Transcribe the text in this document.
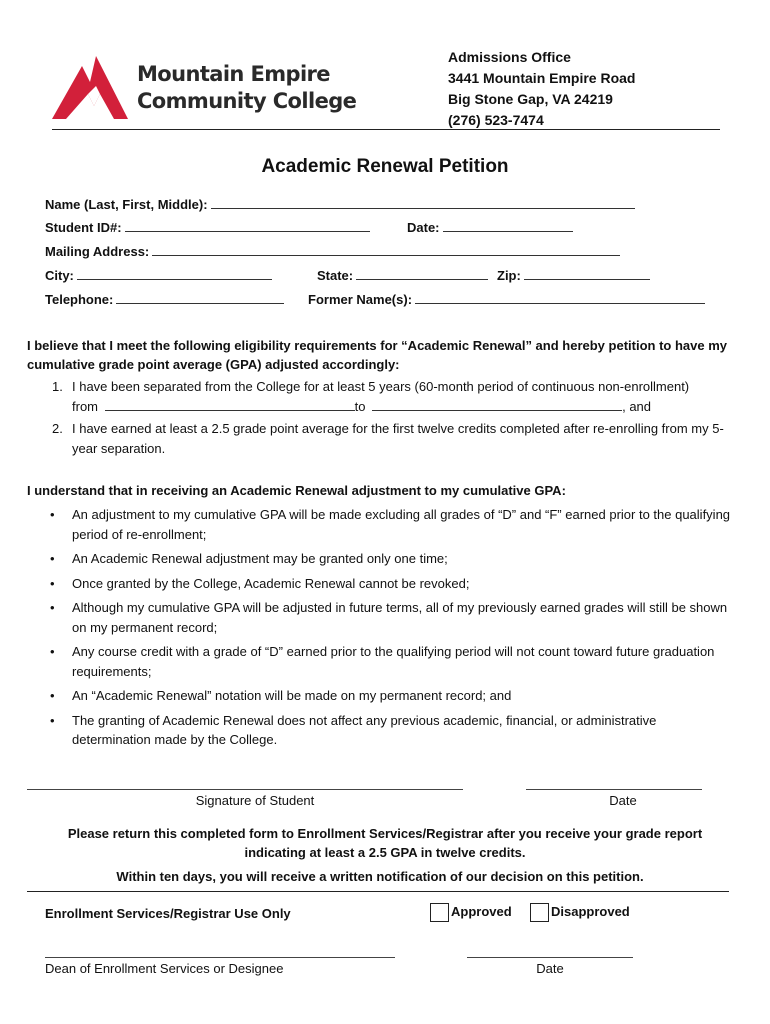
Mountain Empire
Community College
Admissions Office
3441 Mountain Empire Road
Big Stone Gap, VA 24219
(276) 523-7474
Academic Renewal Petition
Name (Last, First, Middle):
Student ID#:	Date:
Mailing Address:
City:	State:	Zip:
Telephone:	Former Name(s):
I believe that I meet the following eligibility requirements for “Academic Renewal” and hereby petition to have my cumulative grade point average (GPA) adjusted accordingly:
1. I have been separated from the College for at least 5 years (60-month period of continuous non-enrollment)
from	to	, and
2. I have earned at least a 2.5 grade point average for the first twelve credits completed after re-enrolling from my 5-year separation.
I understand that in receiving an Academic Renewal adjustment to my cumulative GPA:
• An adjustment to my cumulative GPA will be made excluding all grades of “D” and “F” earned prior to the qualifying period of re-enrollment;
• An Academic Renewal adjustment may be granted only one time;
• Once granted by the College, Academic Renewal cannot be revoked;
• Although my cumulative GPA will be adjusted in future terms, all of my previously earned grades will still be shown on my permanent record;
• Any course credit with a grade of “D” earned prior to the qualifying period will not count toward future graduation requirements;
• An “Academic Renewal” notation will be made on my permanent record; and
• The granting of Academic Renewal does not affect any previous academic, financial, or administrative determination made by the College.
Signature of Student	Date
Please return this completed form to Enrollment Services/Registrar after you receive your grade report
indicating at least a 2.5 GPA in twelve credits.
Within ten days, you will receive a written notification of our decision on this petition.
Enrollment Services/Registrar Use Only	Approved	Disapproved
Dean of Enrollment Services or Designee	Date
